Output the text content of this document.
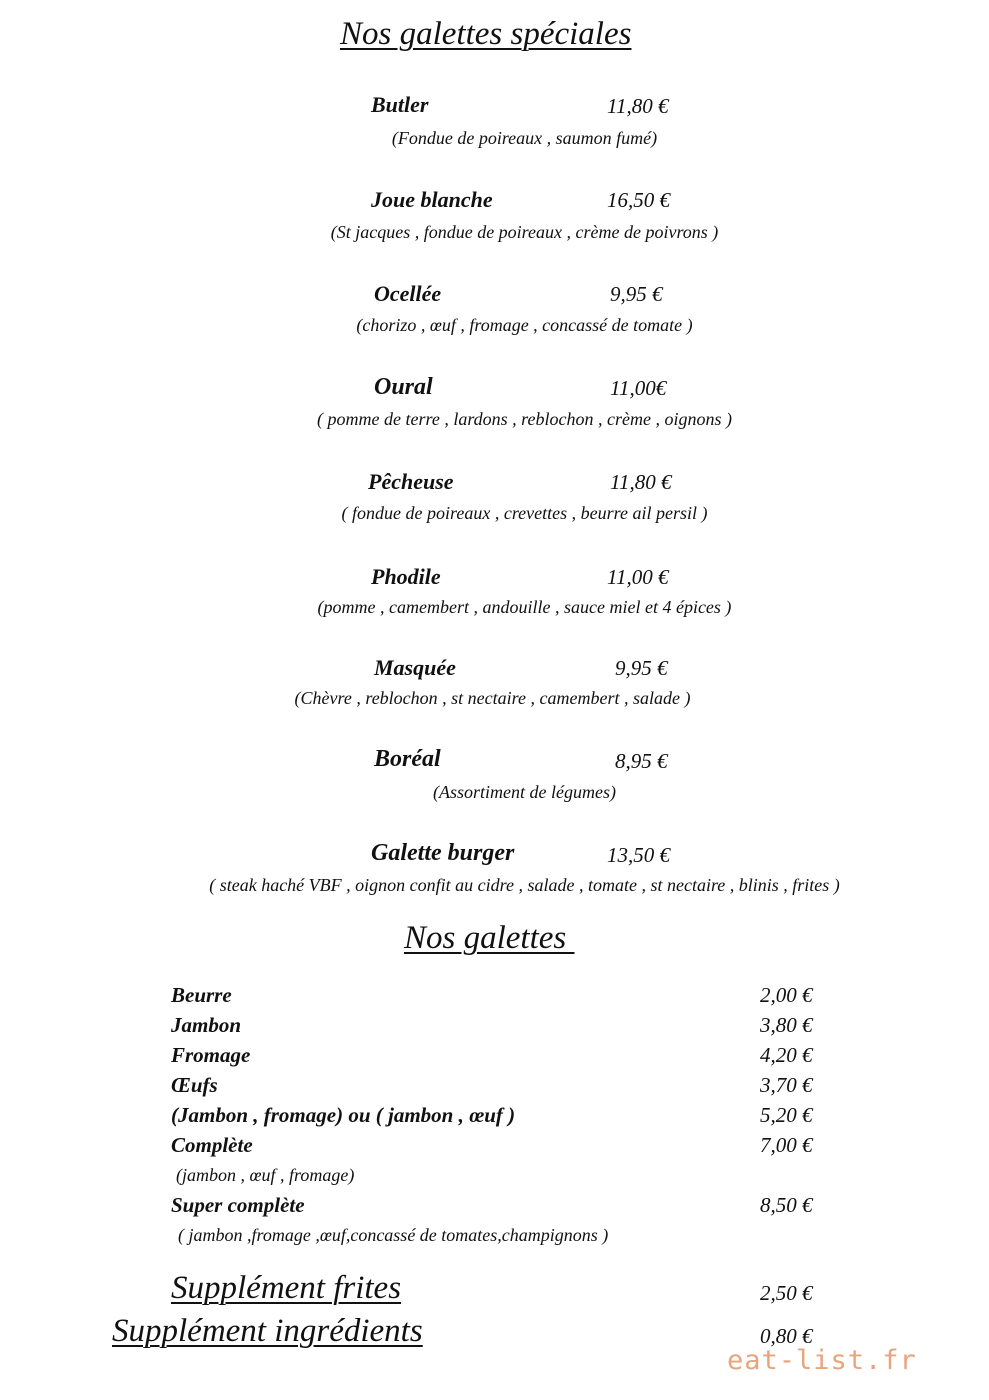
Nos galettes spéciales
Butler	11,80 €
(Fondue de poireaux , saumon fumé)
Joue blanche	16,50 €
(St jacques , fondue de poireaux , crème de poivrons )
Ocellée	9,95 €
(chorizo , œuf , fromage , concassé de tomate )
Oural	11,00€
( pomme de terre , lardons , reblochon , crème , oignons )
Pêcheuse	11,80 €
( fondue de poireaux , crevettes , beurre ail persil )
Phodile	11,00 €
(pomme , camembert , andouille , sauce miel et 4 épices )
Masquée	9,95 €
(Chèvre , reblochon , st nectaire , camembert , salade )
Boréal	8,95 €
(Assortiment de légumes)
Galette burger	13,50 €
( steak haché VBF , oignon confit au cidre , salade , tomate , st nectaire , blinis , frites )
Nos galettes
Beurre	2,00 €
Jambon	3,80 €
Fromage	4,20 €
Œufs	3,70 €
(Jambon , fromage) ou ( jambon , œuf )	5,20 €
Complète	7,00 €
(jambon , œuf , fromage)
Super complète	8,50 €
( jambon ,fromage ,œuf,concassé de tomates,champignons )
Supplément frites	2,50 €
Supplément ingrédients	0,80 €
eat-list.fr
